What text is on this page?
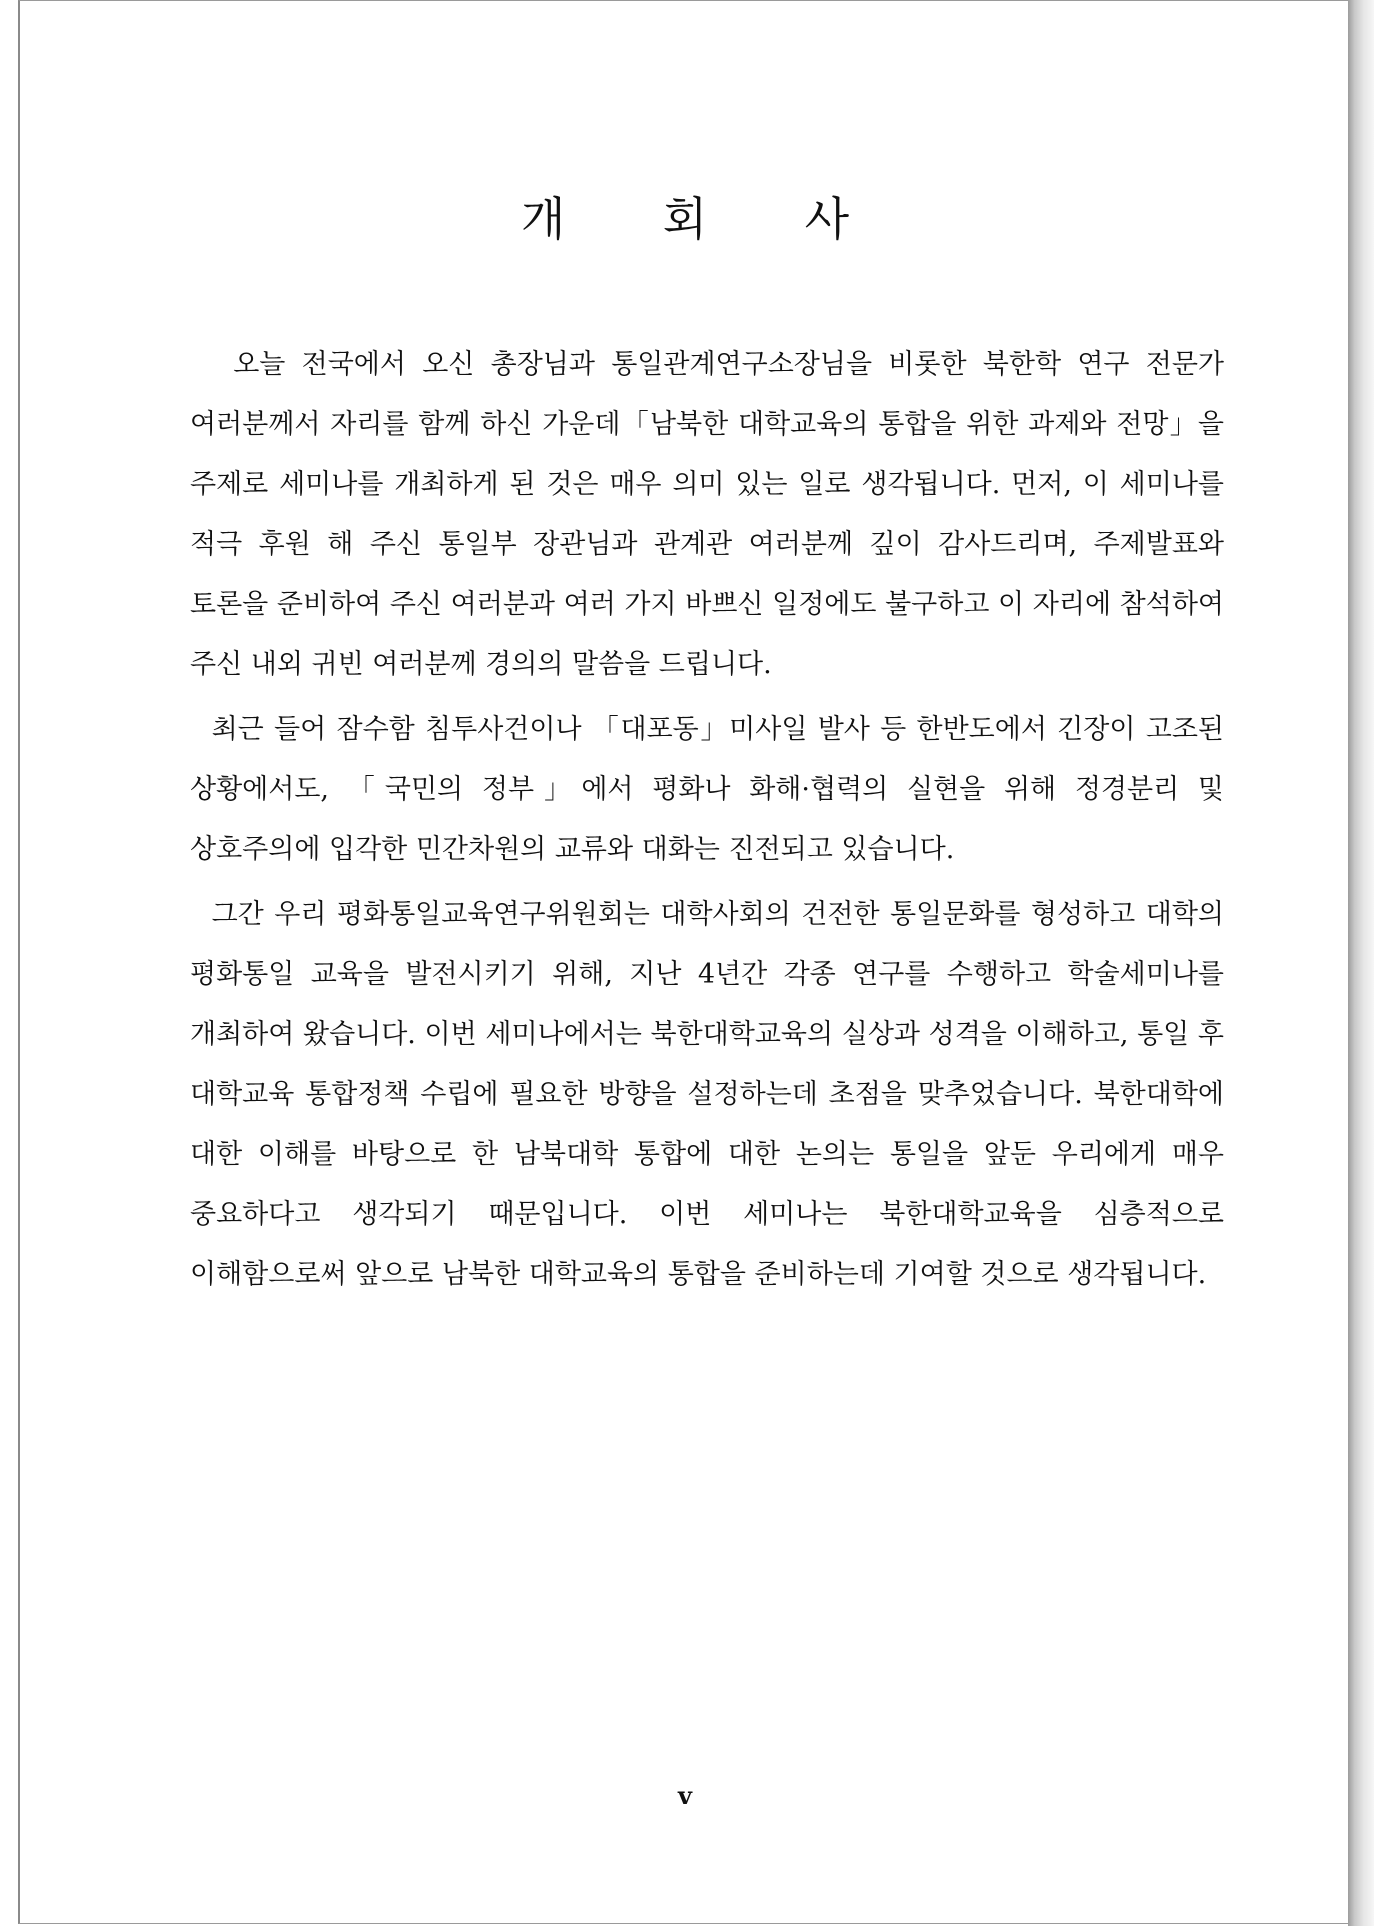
개 회 사

오늘 전국에서 오신 총장님과 통일관계연구소장님을 비롯한 북한학 연구 전문가 여러분께서 자리를 함께 하신 가운데「남북한 대학교육의 통합을 위한 과제와 전망」을 주제로 세미나를 개최하게 된 것은 매우 의미 있는 일로 생각됩니다. 먼저, 이 세미나를 적극 후원 해 주신 통일부 장관님과 관계관 여러분께 깊이 감사드리며, 주제발표와 토론을 준비하여 주신 여러분과 여러 가지 바쁘신 일정에도 불구하고 이 자리에 참석하여 주신 내외 귀빈 여러분께 경의의 말씀을 드립니다.

최근 들어 잠수함 침투사건이나 「대포동」미사일 발사 등 한반도에서 긴장이 고조된 상황에서도, 「국민의 정부」에서 평화나 화해·협력의 실현을 위해 정경분리 및 상호주의에 입각한 민간차원의 교류와 대화는 진전되고 있습니다.

그간 우리 평화통일교육연구위원회는 대학사회의 건전한 통일문화를 형성하고 대학의 평화통일 교육을 발전시키기 위해, 지난 4년간 각종 연구를 수행하고 학술세미나를 개최하여 왔습니다. 이번 세미나에서는 북한대학교육의 실상과 성격을 이해하고, 통일 후 대학교육 통합정책 수립에 필요한 방향을 설정하는데 초점을 맞추었습니다. 북한대학에 대한 이해를 바탕으로 한 남북대학 통합에 대한 논의는 통일을 앞둔 우리에게 매우 중요하다고 생각되기 때문입니다. 이번 세미나는 북한대학교육을 심층적으로 이해함으로써 앞으로 남북한 대학교육의 통합을 준비하는데 기여할 것으로 생각됩니다.

v
